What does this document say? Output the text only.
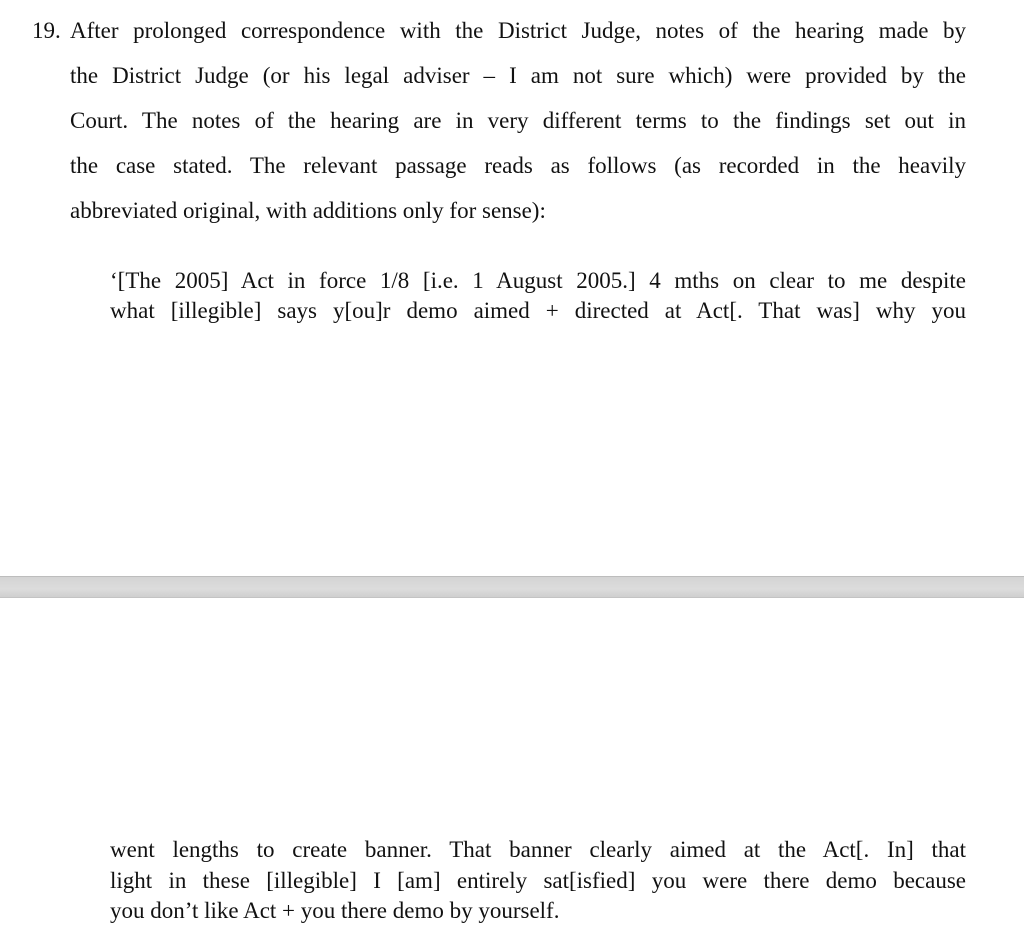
19. After prolonged correspondence with the District Judge, notes of the hearing made by
the District Judge (or his legal adviser – I am not sure which) were provided by the
Court. The notes of the hearing are in very different terms to the findings set out in
the case stated. The relevant passage reads as follows (as recorded in the heavily
abbreviated original, with additions only for sense):
‘[The 2005] Act in force 1/8 [i.e. 1 August 2005.] 4 mths on clear to me despite
what [illegible] says y[ou]r demo aimed + directed at Act[. That was] why you
went lengths to create banner. That banner clearly aimed at the Act[. In] that
light in these [illegible] I [am] entirely sat[isfied] you were there demo because
you don’t like Act + you there demo by yourself.
